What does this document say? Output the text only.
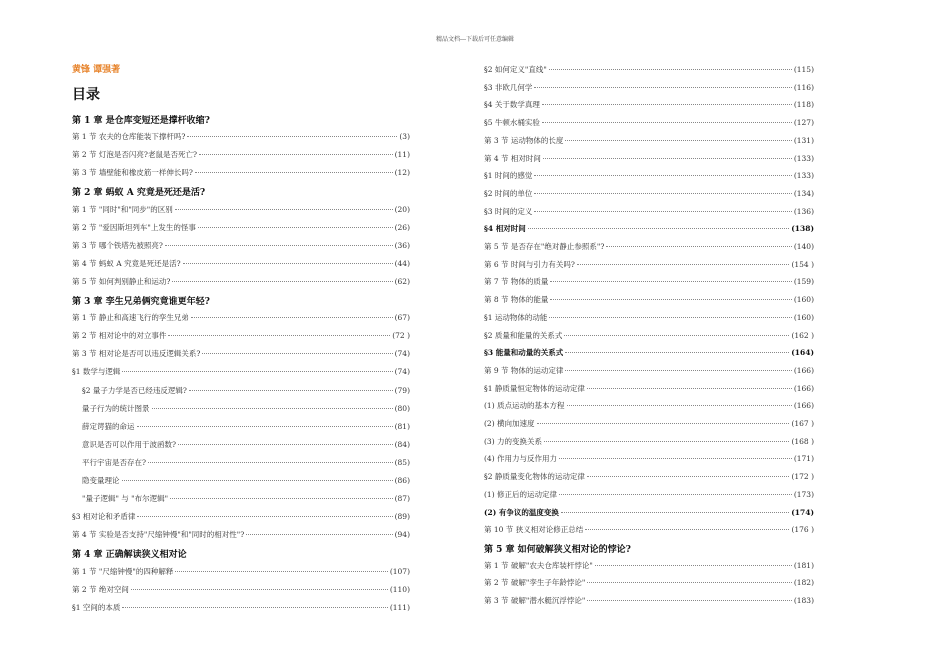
精品文档---下载后可任意编辑
黄锋 谭强著
目录
第 1 章 是仓库变短还是撑杆收缩?
第 1 节 农夫的仓库能装下撑杆吗?	(3)
第 2 节 灯泡是否闪亮?老鼠是否死亡?	(11)
第 3 节 墙壁能和橡皮筋一样伸长吗?	(12)
第 2 章 蚂蚁 A 究竟是死还是活?
第 1 节 "同时"和"同步"的区别	(20)
第 2 节 "爱因斯坦列车"上发生的怪事	(26)
第 3 节 哪个铁塔先被照亮?	(36)
第 4 节 蚂蚁 A 究竟是死还是活?	(44)
第 5 节 如何判别静止和运动?	(62)
第 3 章 孪生兄弟俩究竟谁更年轻?
第 1 节 静止和高速飞行的孪生兄弟	(67)
第 2 节 相对论中的对立事件	(72 )
第 3 节 相对论是否可以违反逻辑关系?	(74)
§1 数学与逻辑	(74)
§2 量子力学是否已经违反逻辑?	(79)
量子行为的统计图景	(80)
薛定谔猫的命运	(81)
意识是否可以作用于波函数?	(84)
平行宇宙是否存在?	(85)
隐变量理论	(86)
"量子逻辑" 与 "布尔逻辑"	(87)
§3 相对论和矛盾律	(89)
第 4 节 实验是否支持"尺缩钟慢"和"同时的相对性"?	(94)
第 4 章 正确解读狭义相对论
第 1 节 "尺缩钟慢"的四种解释	(107)
第 2 节 绝对空间	(110)
§1 空间的本质	(111)
§2 如何定义"直线"	(115)
§3 非欧几何学	(116)
§4 关于数学真理	(118)
§5 牛顿水桶实验	(127)
第 3 节 运动物体的长度	(131)
第 4 节 相对时间	(133)
§1 时间的感觉	(133)
§2 时间的单位	(134)
§3 时间的定义	(136)
§4 相对时间	(138)
第 5 节 是否存在"绝对静止参照系"?	(140)
第 6 节 时间与引力有关吗?	(154 )
第 7 节 物体的质量	(159)
第 8 节 物体的能量	(160)
§1 运动物体的动能	(160)
§2 质量和能量的关系式	(162 )
§3 能量和动量的关系式	(164)
第 9 节 物体的运动定律	(166)
§1 静质量恒定物体的运动定律	(166)
(1) 质点运动的基本方程	(166)
(2) 横向加速度	(167 )
(3) 力的变换关系	(168 )
(4) 作用力与反作用力	(171)
§2 静质量变化物体的运动定律	(172 )
(1) 修正后的运动定律	(173)
(2) 有争议的温度变换	(174)
第 10 节 狭义相对论修正总结	(176 )
第 5 章 如何破解狭义相对论的悖论?
第 1 节 破解"农夫仓库装杆悖论"	(181)
第 2 节 破解"孪生子年龄悖论"	(182)
第 3 节 破解"潜水艇沉浮悖论"	(183)
